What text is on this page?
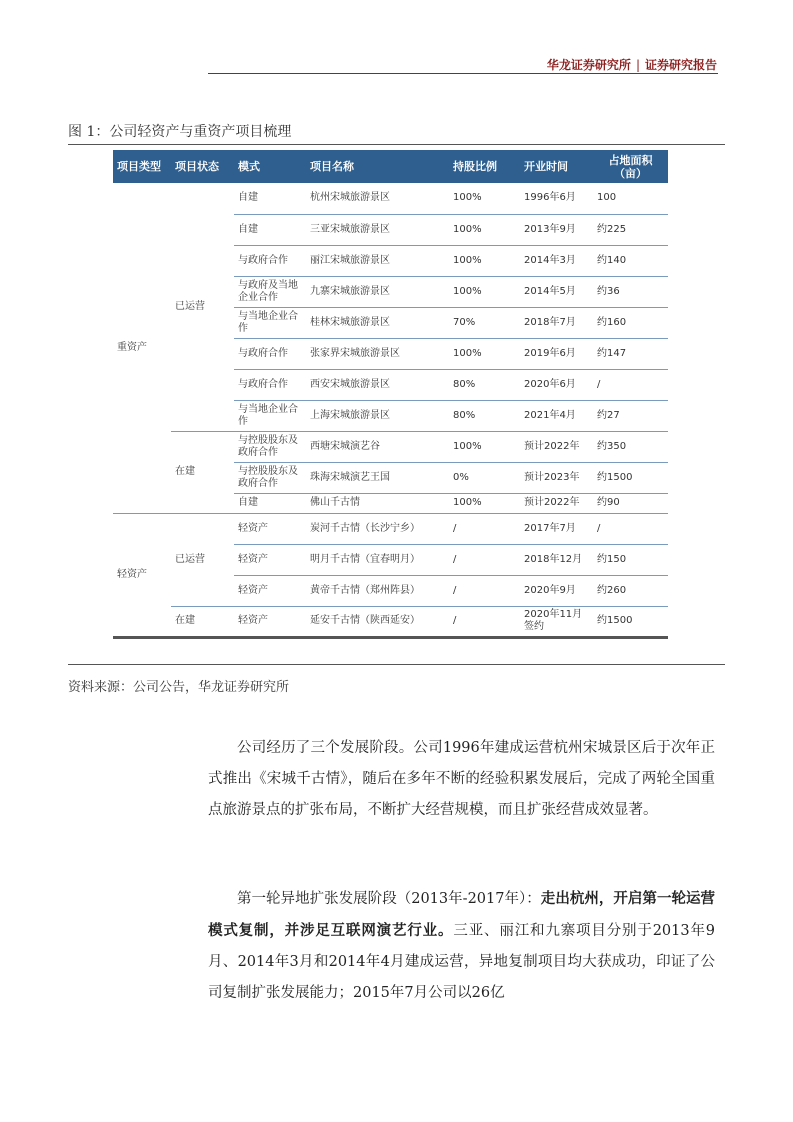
华龙证券研究所 | 证券研究报告
图 1：公司轻资产与重资产项目梳理
项目类型	项目状态	模式	项目名称	持股比例	开业时间	占地面积（亩）
重资产	已运营	自建	杭州宋城旅游景区	100%	1996年6月	100
		自建	三亚宋城旅游景区	100%	2013年9月	约225
		与政府合作	丽江宋城旅游景区	100%	2014年3月	约140
		与政府及当地企业合作	九寨宋城旅游景区	100%	2014年5月	约36
		与当地企业合作	桂林宋城旅游景区	70%	2018年7月	约160
		与政府合作	张家界宋城旅游景区	100%	2019年6月	约147
		与政府合作	西安宋城旅游景区	80%	2020年6月	/
		与当地企业合作	上海宋城旅游景区	80%	2021年4月	约27
	在建	与控股股东及政府合作	西塘宋城演艺谷	100%	预计2022年	约350
		与控股股东及政府合作	珠海宋城演艺王国	0%	预计2023年	约1500
		自建	佛山千古情	100%	预计2022年	约90
轻资产	已运营	轻资产	炭河千古情（长沙宁乡）	/	2017年7月	/
		轻资产	明月千古情（宜春明月）	/	2018年12月	约150
		轻资产	黄帝千古情（郑州阵县）	/	2020年9月	约260
	在建	轻资产	延安千古情（陕西延安）	/	2020年11月签约	约1500
资料来源：公司公告，华龙证券研究所

公司经历了三个发展阶段。公司1996年建成运营杭州宋城景区后于次年正式推出《宋城千古情》，随后在多年不断的经验积累发展后，完成了两轮全国重点旅游景点的扩张布局，不断扩大经营规模，而且扩张经营成效显著。

第一轮异地扩张发展阶段（2013年-2017年）：走出杭州，开启第一轮运营模式复制，并涉足互联网演艺行业。三亚、丽江和九寨项目分别于2013年9月、2014年3月和2014年4月建成运营，异地复制项目均大获成功，印证了公司复制扩张发展能力；2015年7月公司以26亿
